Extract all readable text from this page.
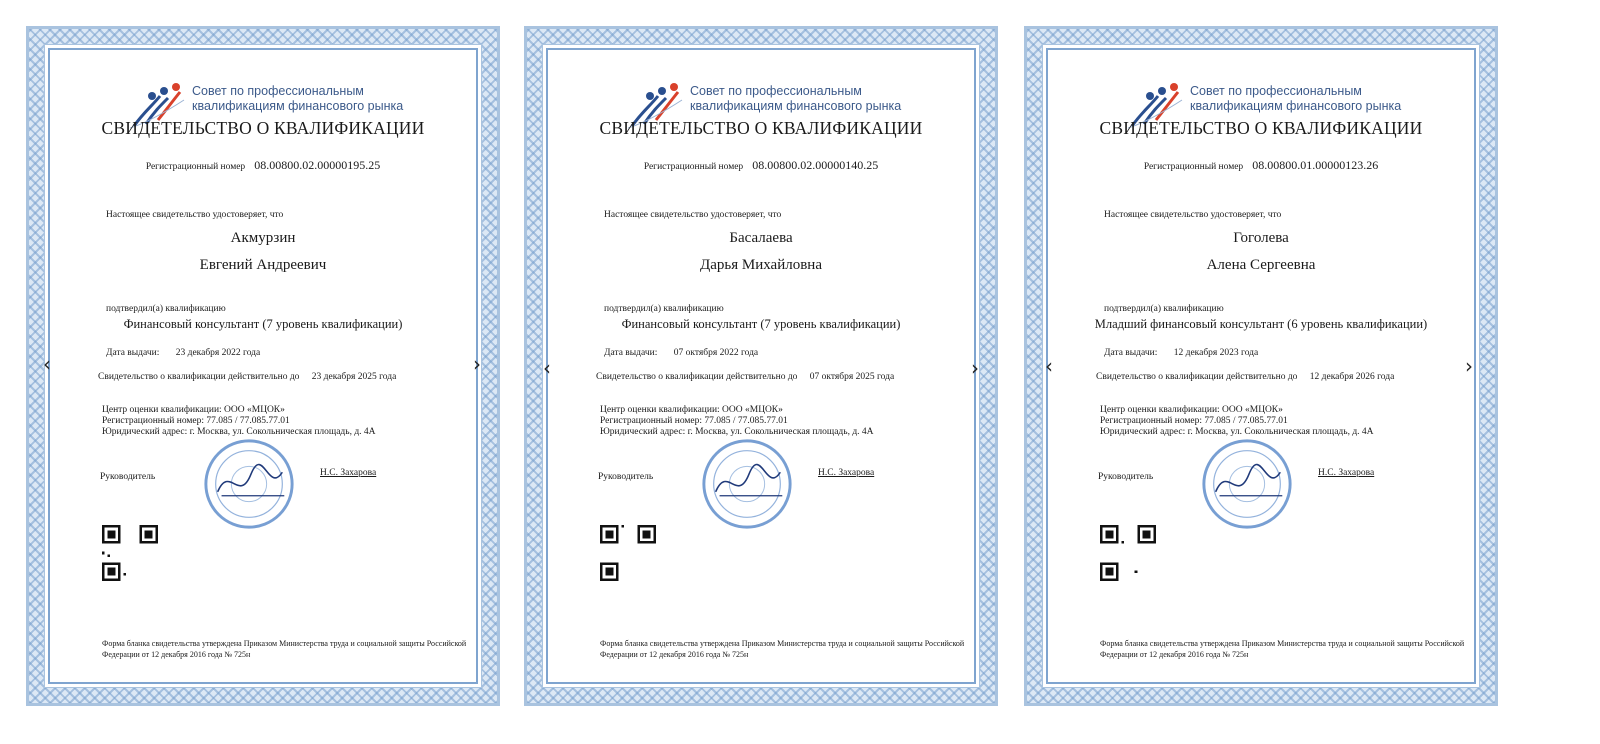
Совет по профессиональным
квалификациям финансового рынка
СВИДЕТЕЛЬСТВО О КВАЛИФИКАЦИИ
Регистрационный номер 08.00800.02.00000195.25
Настоящее свидетельство удостоверяет, что
Акмурзин
Евгений Андреевич
подтвердил(а) квалификацию
Финансовый консультант (7 уровень квалификации)
Дата выдачи: 23 декабря 2022 года
Свидетельство о квалификации действительно до 23 декабря 2025 года
Центр оценки квалификации: ООО «МЦОК»
Регистрационный номер: 77.085 / 77.085.77.01
Юридический адрес: г. Москва, ул. Сокольническая площадь, д. 4А
Руководитель	Н.С. Захарова
Форма бланка свидетельства утверждена Приказом Министерства труда и социальной защиты Российской Федерации от 12 декабря 2016 года № 725н
Совет по профессиональным
квалификациям финансового рынка
СВИДЕТЕЛЬСТВО О КВАЛИФИКАЦИИ
Регистрационный номер 08.00800.02.00000140.25
Настоящее свидетельство удостоверяет, что
Басалаева
Дарья Михайловна
подтвердил(а) квалификацию
Финансовый консультант (7 уровень квалификации)
Дата выдачи: 07 октября 2022 года
Свидетельство о квалификации действительно до 07 октября 2025 года
Центр оценки квалификации: ООО «МЦОК»
Регистрационный номер: 77.085 / 77.085.77.01
Юридический адрес: г. Москва, ул. Сокольническая площадь, д. 4А
Руководитель	Н.С. Захарова
Форма бланка свидетельства утверждена Приказом Министерства труда и социальной защиты Российской Федерации от 12 декабря 2016 года № 725н
Совет по профессиональным
квалификациям финансового рынка
СВИДЕТЕЛЬСТВО О КВАЛИФИКАЦИИ
Регистрационный номер 08.00800.01.00000123.26
Настоящее свидетельство удостоверяет, что
Гоголева
Алена Сергеевна
подтвердил(а) квалификацию
Младший финансовый консультант (6 уровень квалификации)
Дата выдачи: 12 декабря 2023 года
Свидетельство о квалификации действительно до 12 декабря 2026 года
Центр оценки квалификации: ООО «МЦОК»
Регистрационный номер: 77.085 / 77.085.77.01
Юридический адрес: г. Москва, ул. Сокольническая площадь, д. 4А
Руководитель	Н.С. Захарова
Форма бланка свидетельства утверждена Приказом Министерства труда и социальной защиты Российской Федерации от 12 декабря 2016 года № 725н
‹	›	‹	›	‹	›
